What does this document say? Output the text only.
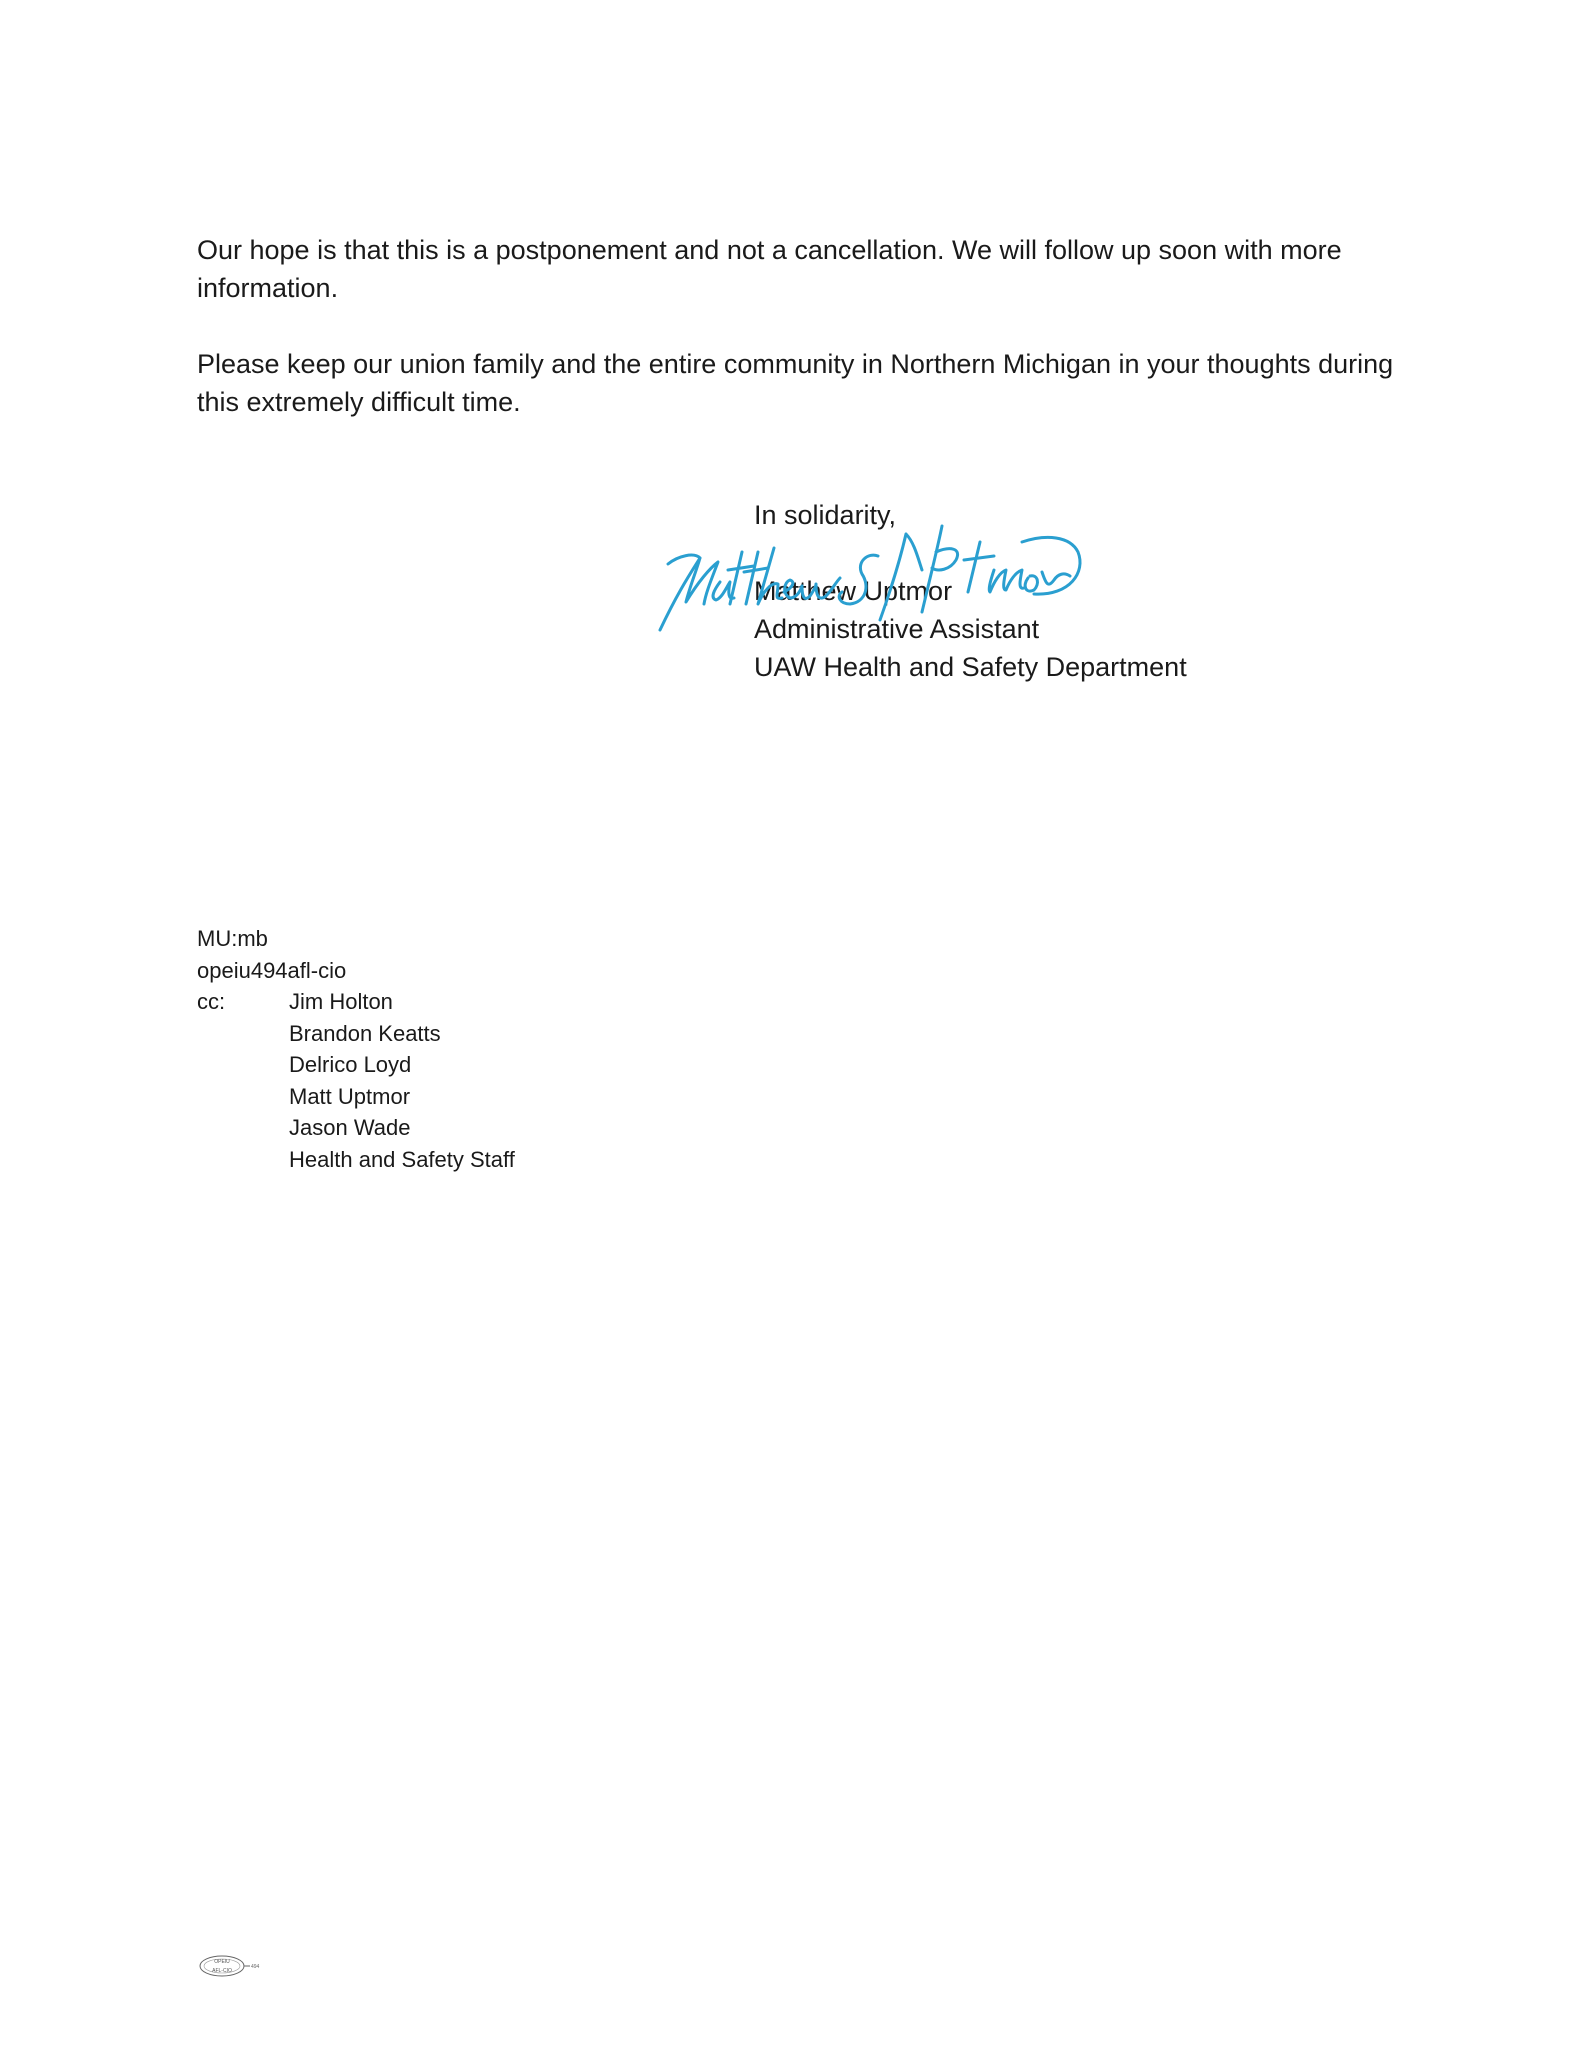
Our hope is that this is a postponement and not a cancellation. We will follow up soon with more information.

Please keep our union family and the entire community in Northern Michigan in your thoughts during this extremely difficult time.

In solidarity,
Matthew Uptmor
Administrative Assistant
UAW Health and Safety Department
MU:mb
opeiu494afl-cio
cc:	Jim Holton
Brandon Keatts
Delrico Loyd
Matt Uptmor
Jason Wade
Health and Safety Staff
OPEIU
AFL-CIO
494
